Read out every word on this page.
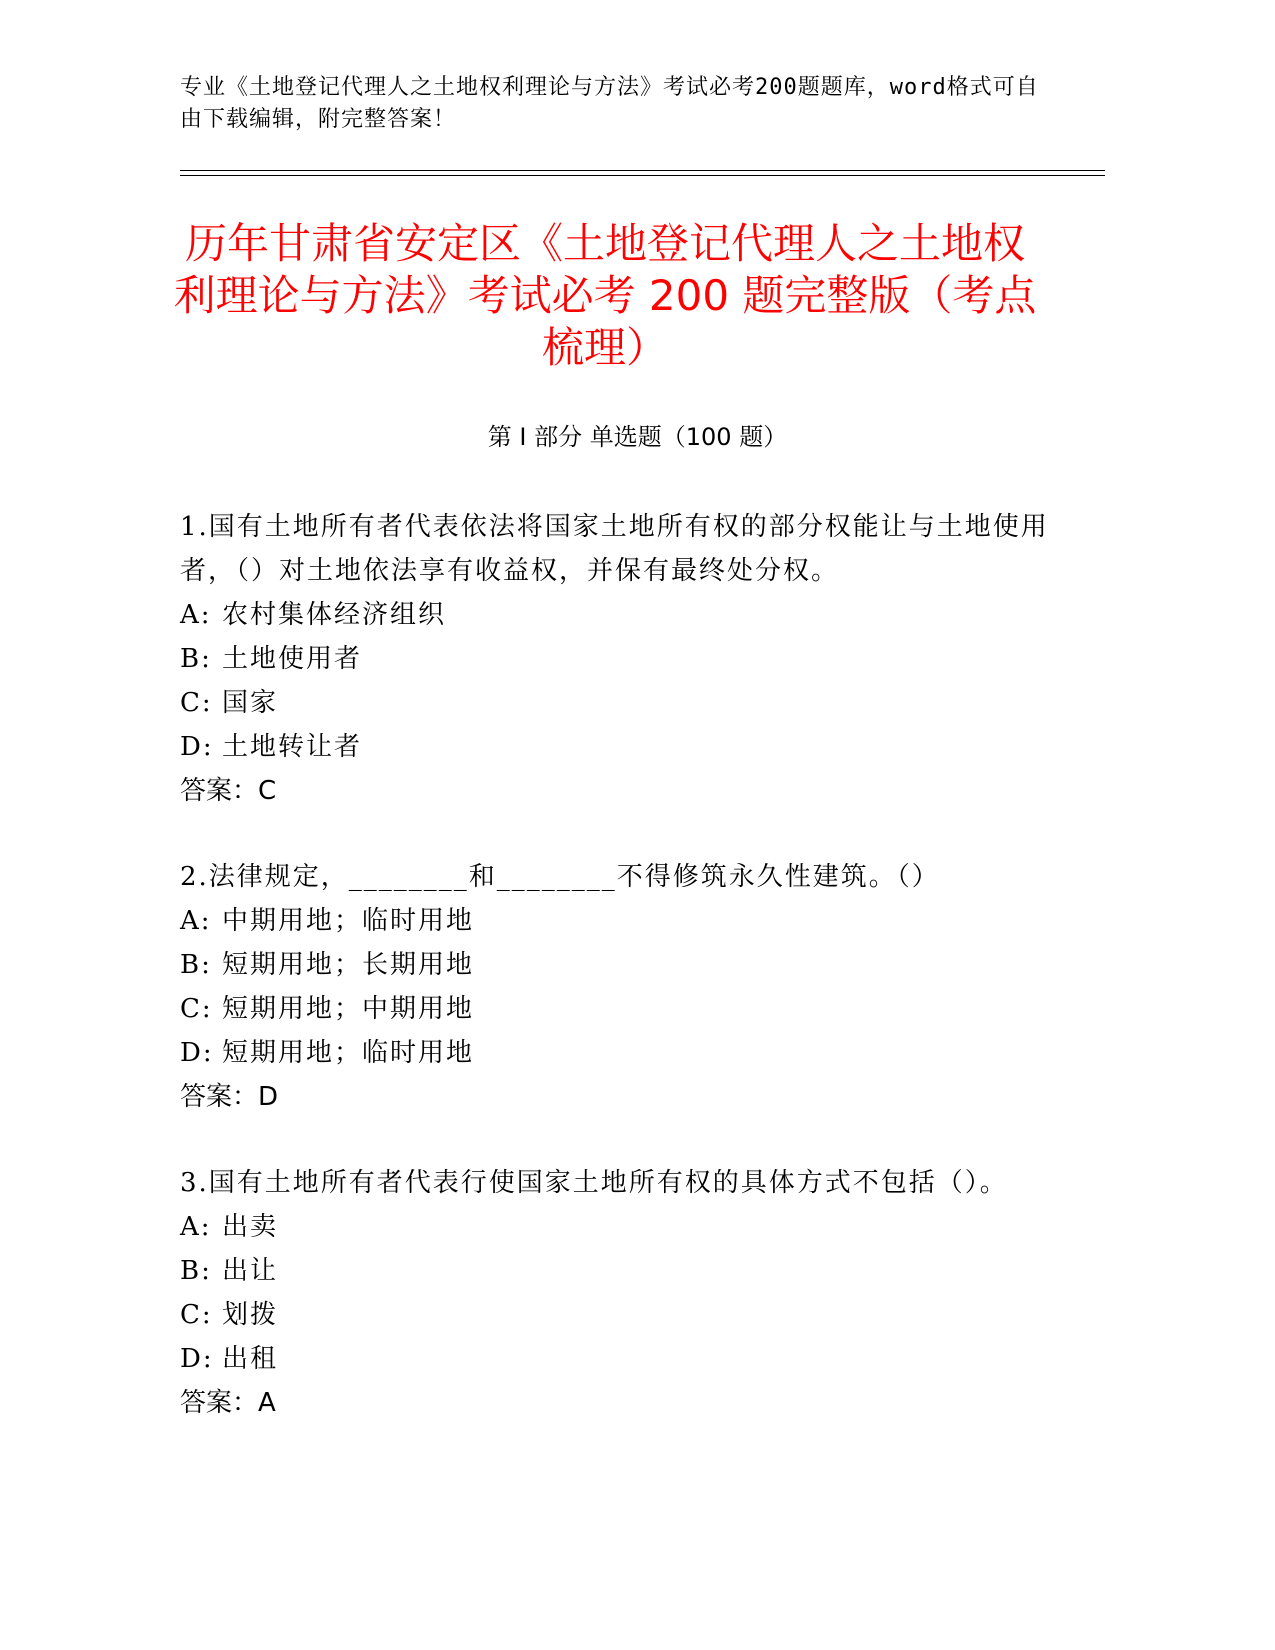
专业《土地登记代理人之土地权利理论与方法》考试必考200题题库，word格式可自由下载编辑，附完整答案！
历年甘肃省安定区《土地登记代理人之土地权利理论与方法》考试必考 200 题完整版（考点梳理）
第 I 部分 单选题（100 题）

1.国有土地所有者代表依法将国家土地所有权的部分权能让与土地使用者，（）对土地依法享有收益权，并保有最终处分权。

A: 农村集体经济组织

B: 土地使用者

C: 国家

D: 土地转让者

答案：C

2.法律规定，________和________不得修筑永久性建筑。（）

A: 中期用地；临时用地

B: 短期用地；长期用地

C: 短期用地；中期用地

D: 短期用地；临时用地

答案：D

3.国有土地所有者代表行使国家土地所有权的具体方式不包括（）。

A: 出卖

B: 出让

C: 划拨

D: 出租

答案：A
